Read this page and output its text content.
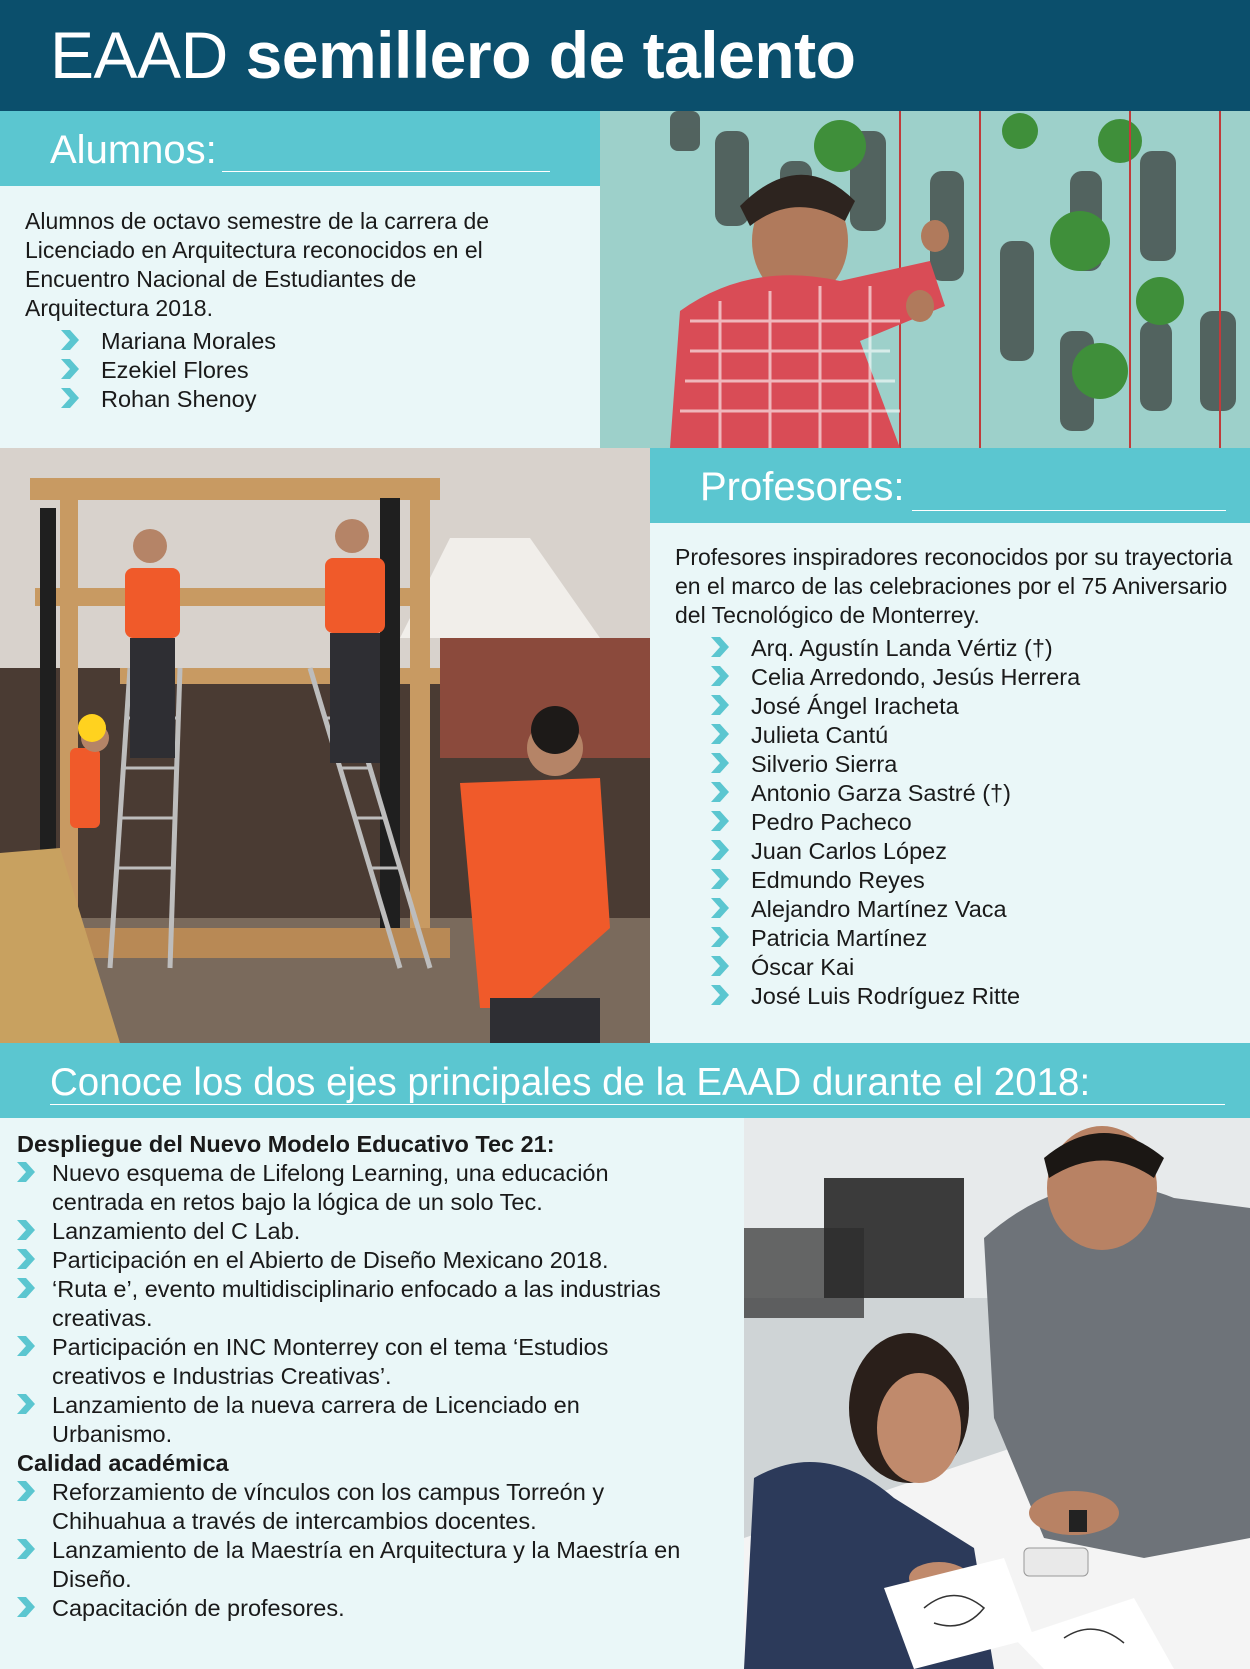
EAAD semillero de talento
Alumnos:
Alumnos de octavo semestre de la carrera de Licenciado en Arquitectura reconocidos en el Encuentro Nacional de Estudiantes de Arquitectura 2018.
Mariana Morales
Ezekiel Flores
Rohan Shenoy
Profesores:
Profesores inspiradores reconocidos por su trayectoria en el marco de las celebraciones por el 75 Aniversario del Tecnológico de Monterrey.
Arq. Agustín Landa Vértiz (†)
Celia Arredondo, Jesús Herrera
José Ángel Iracheta
Julieta Cantú
Silverio Sierra
Antonio Garza Sastré (†)
Pedro Pacheco
Juan Carlos López
Edmundo Reyes
Alejandro Martínez Vaca
Patricia Martínez
Óscar Kai
José Luis Rodríguez Ritte
Conoce los dos ejes principales de la EAAD durante el 2018:
Despliegue del Nuevo Modelo Educativo Tec 21:
Nuevo esquema de Lifelong Learning, una educación centrada en retos bajo la lógica de un solo Tec.
Lanzamiento del C Lab.
Participación en el Abierto de Diseño Mexicano 2018.
‘Ruta e’, evento multidisciplinario enfocado a las industrias creativas.
Participación en INC Monterrey con el tema ‘Estudios creativos e Industrias Creativas’.
Lanzamiento de la nueva carrera de Licenciado en Urbanismo.
Calidad académica
Reforzamiento de vínculos con los campus Torreón y Chihuahua a través de intercambios docentes.
Lanzamiento de la Maestría en Arquitectura y la Maestría en Diseño.
Capacitación de profesores.
